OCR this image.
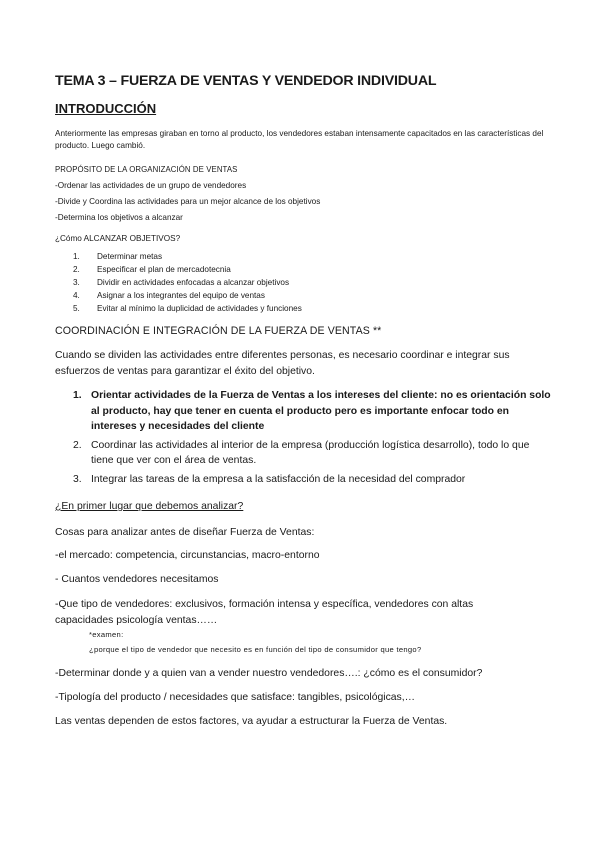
TEMA 3 – FUERZA DE VENTAS Y VENDEDOR INDIVIDUAL
INTRODUCCIÓN
Anteriormente las empresas giraban en torno al producto, los vendedores estaban intensamente capacitados en las características del producto. Luego cambió.
PROPÓSITO DE LA ORGANIZACIÓN DE VENTAS
-Ordenar las actividades de un grupo de vendedores
-Divide y Coordina las actividades para un mejor alcance de los objetivos
-Determina los objetivos a alcanzar
¿Cómo ALCANZAR OBJETIVOS?
1.	Determinar metas
2.	Especificar el plan de mercadotecnia
3.	Dividir en actividades enfocadas a alcanzar objetivos
4.	Asignar a los integrantes del equipo de ventas
5.	Evitar al mínimo la duplicidad de actividades y funciones
COORDINACIÓN E INTEGRACIÓN DE LA FUERZA DE VENTAS **
Cuando se dividen las actividades entre diferentes personas, es necesario coordinar e integrar sus esfuerzos de ventas para garantizar el éxito del objetivo.
1. Orientar actividades de la Fuerza de Ventas a los intereses del cliente: no es orientación solo al producto, hay que tener en cuenta el producto pero es importante enfocar todo en intereses y necesidades del cliente
2. Coordinar las actividades al interior de la empresa (producción logística desarrollo), todo lo que tiene que ver con el área de ventas.
3. Integrar las tareas de la empresa a la satisfacción de la necesidad del comprador
¿En primer lugar que debemos analizar?
Cosas para analizar antes de diseñar Fuerza de Ventas:
-el mercado: competencia, circunstancias, macro-entorno
- Cuantos vendedores necesitamos
-Que tipo de vendedores: exclusivos, formación intensa y específica, vendedores con altas
capacidades psicología ventas……
*examen:
¿porque el tipo de vendedor que necesito es en función del tipo de consumidor que tengo?
-Determinar donde y a quien van a vender nuestro vendedores….: ¿cómo es el consumidor?
-Tipología del producto / necesidades que satisface: tangibles, psicológicas,…
Las ventas dependen de estos factores, va ayudar a estructurar la Fuerza de Ventas.
